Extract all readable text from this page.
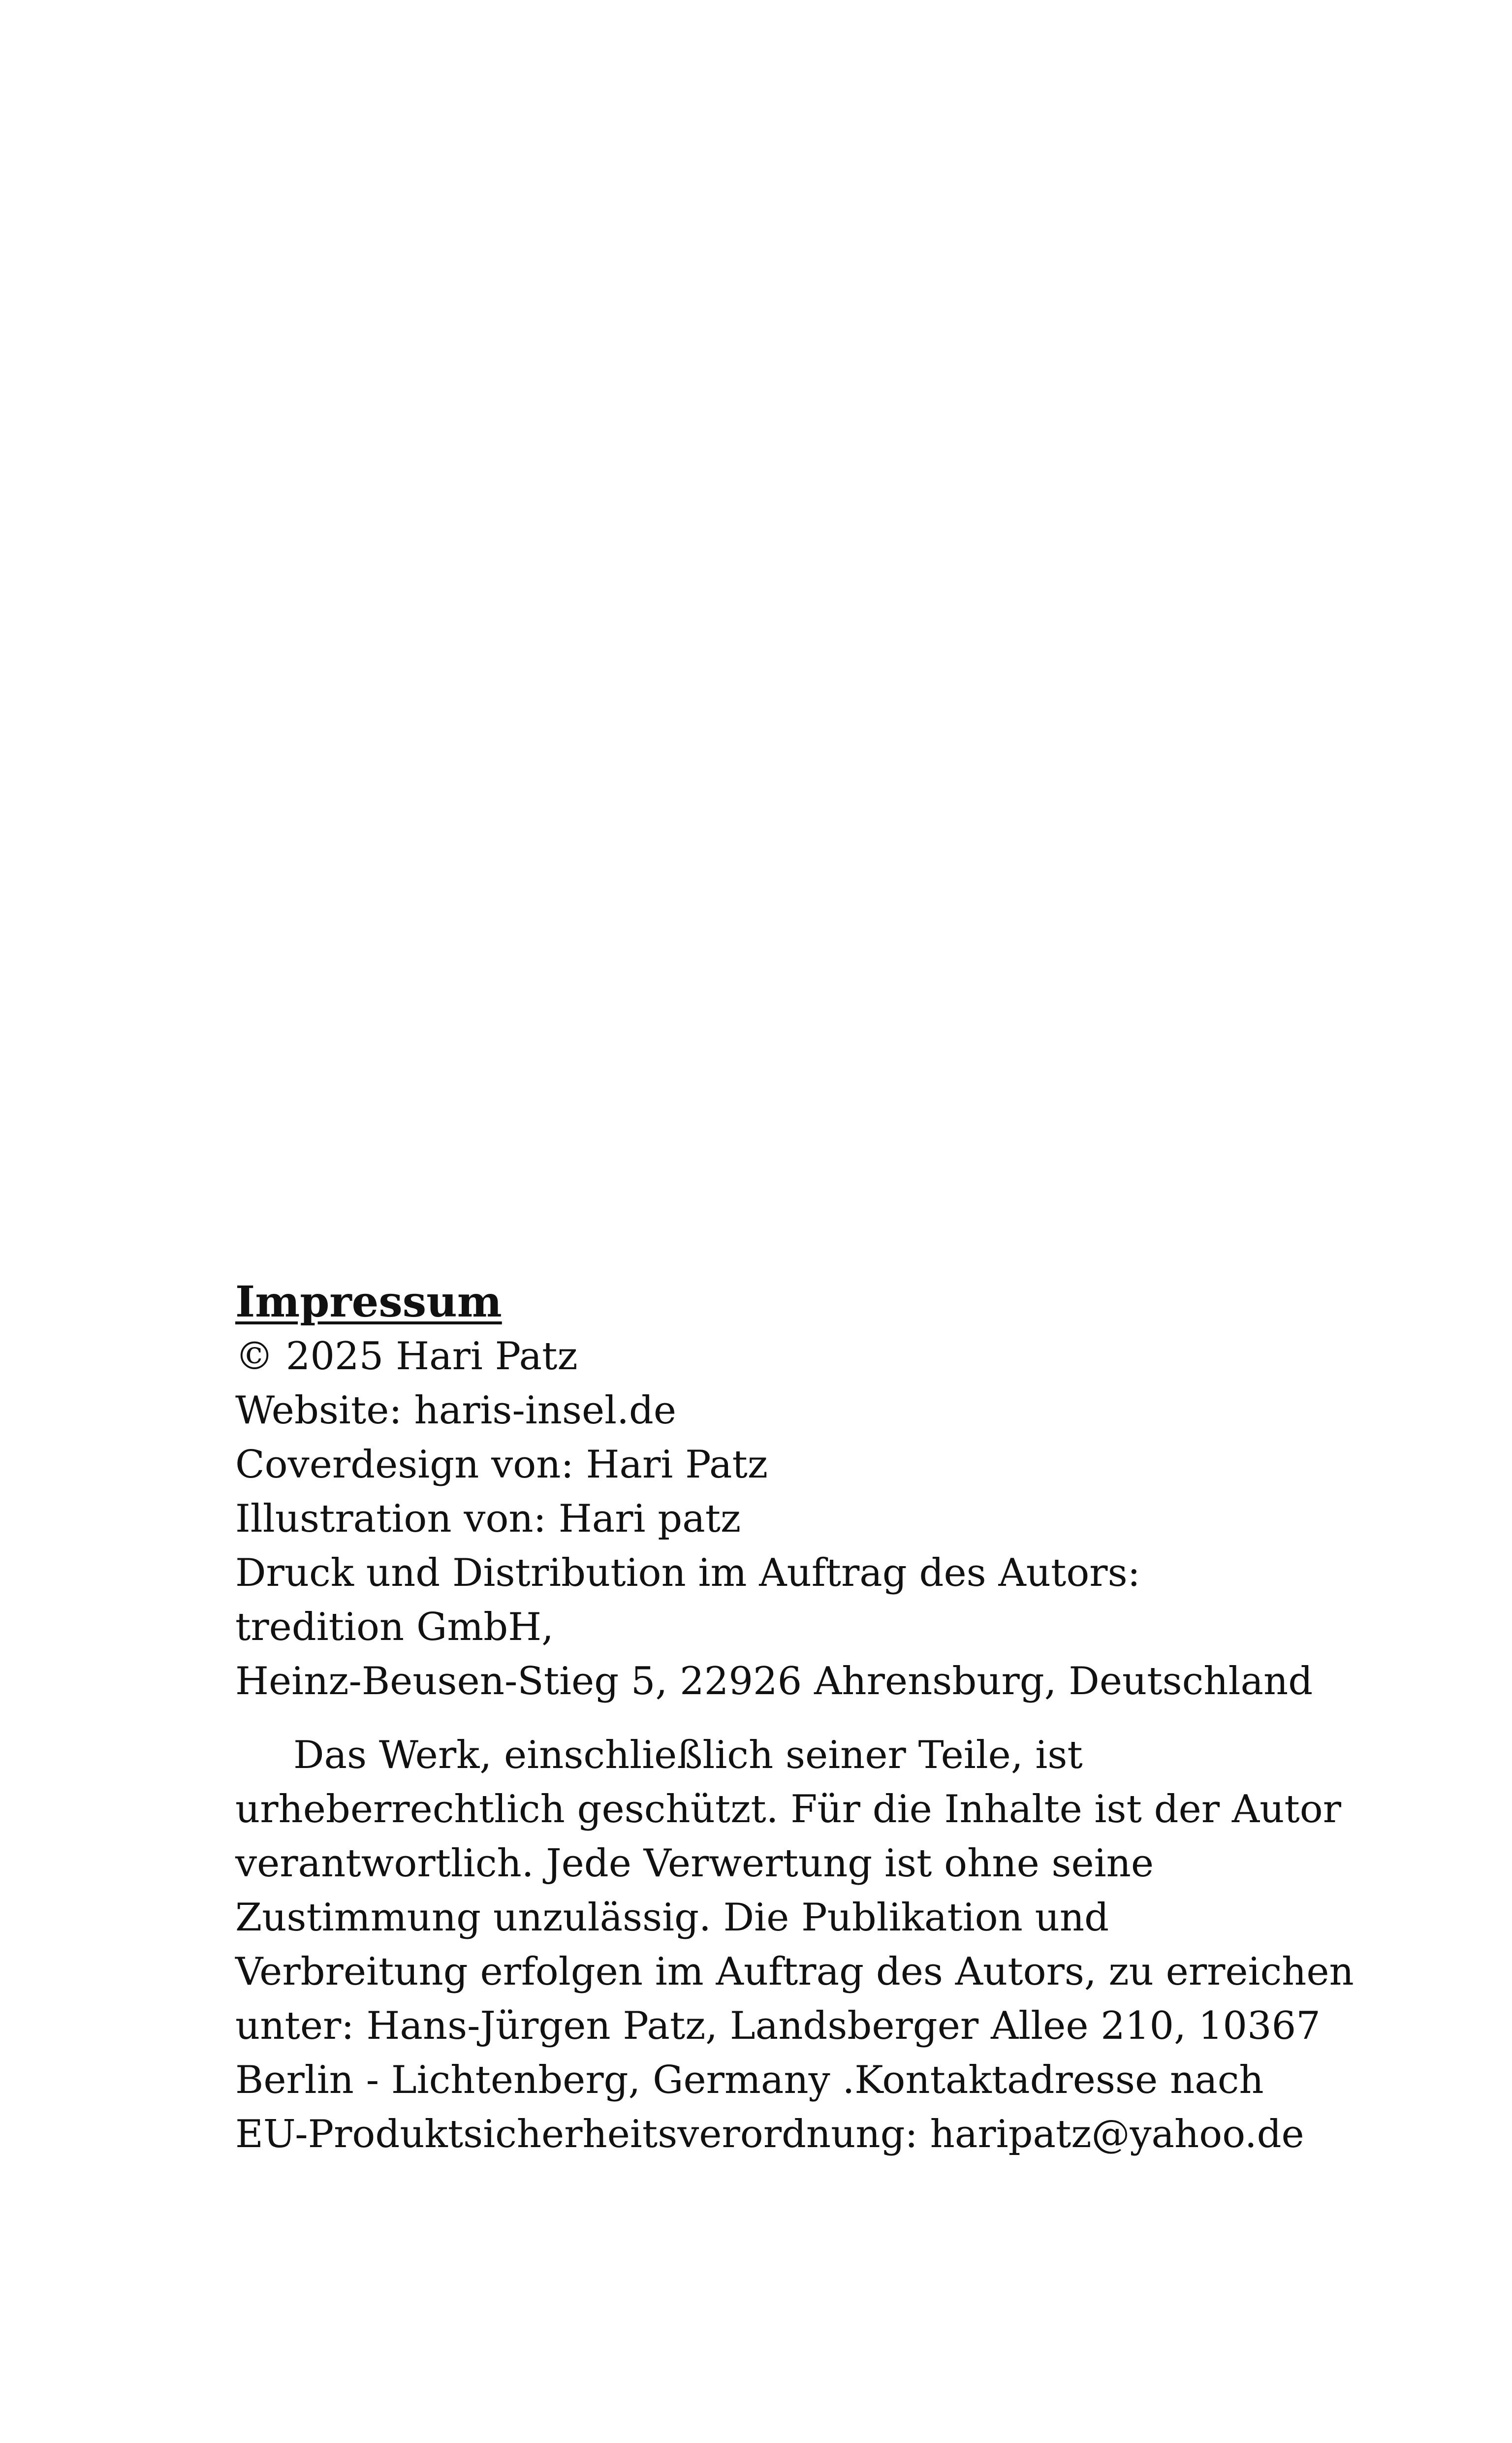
Impressum
© 2025 Hari Patz
Website: haris-insel.de
Coverdesign von: Hari Patz
Illustration von: Hari patz
Druck und Distribution im Auftrag des Autors:
tredition GmbH,
Heinz-Beusen-Stieg 5, 22926 Ahrensburg, Deutschland
Das Werk, einschließlich seiner Teile, ist
urheberrechtlich geschützt. Für die Inhalte ist der Autor
verantwortlich. Jede Verwertung ist ohne seine
Zustimmung unzulässig. Die Publikation und
Verbreitung erfolgen im Auftrag des Autors, zu erreichen
unter: Hans-Jürgen Patz, Landsberger Allee 210, 10367
Berlin - Lichtenberg, Germany .Kontaktadresse nach
EU-Produktsicherheitsverordnung: haripatz@yahoo.de
